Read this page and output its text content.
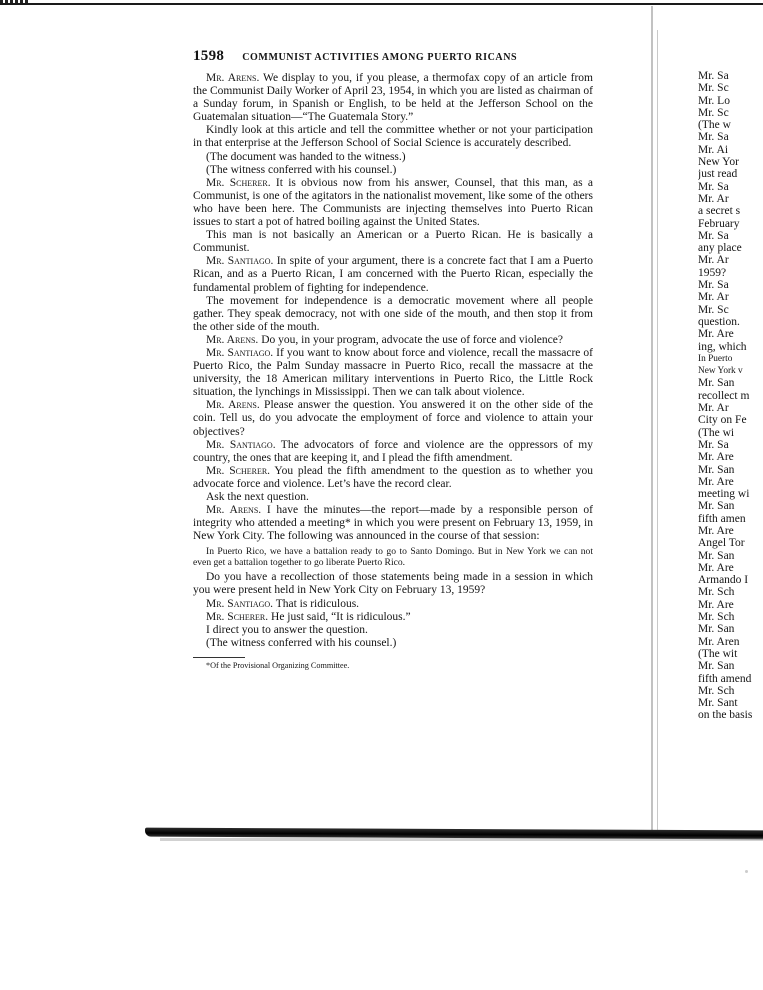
1598 COMMUNIST ACTIVITIES AMONG PUERTO RICANS

Mr. Arens. We display to you, if you please, a thermofax copy of an article from the Communist Daily Worker of April 23, 1954, in which you are listed as chairman of a Sunday forum, in Spanish or English, to be held at the Jefferson School on the Guatemalan situation—“The Guatemala Story.”

Kindly look at this article and tell the committee whether or not your participation in that enterprise at the Jefferson School of Social Science is accurately described.

(The document was handed to the witness.)

(The witness conferred with his counsel.)

Mr. Scherer. It is obvious now from his answer, Counsel, that this man, as a Communist, is one of the agitators in the nationalist movement, like some of the others who have been here. The Communists are injecting themselves into Puerto Rican issues to start a pot of hatred boiling against the United States.

This man is not basically an American or a Puerto Rican. He is basically a Communist.

Mr. Santiago. In spite of your argument, there is a concrete fact that I am a Puerto Rican, and as a Puerto Rican, I am concerned with the Puerto Rican, especially the fundamental problem of fighting for independence.

The movement for independence is a democratic movement where all people gather. They speak democracy, not with one side of the mouth, and then stop it from the other side of the mouth.

Mr. Arens. Do you, in your program, advocate the use of force and violence?

Mr. Santiago. If you want to know about force and violence, recall the massacre of Puerto Rico, the Palm Sunday massacre in Puerto Rico, recall the massacre at the university, the 18 American military interventions in Puerto Rico, the Little Rock situation, the lynchings in Mississippi. Then we can talk about violence.

Mr. Arens. Please answer the question. You answered it on the other side of the coin. Tell us, do you advocate the employment of force and violence to attain your objectives?

Mr. Santiago. The advocators of force and violence are the oppressors of my country, the ones that are keeping it, and I plead the fifth amendment.

Mr. Scherer. You plead the fifth amendment to the question as to whether you advocate force and violence. Let’s have the record clear.

Ask the next question.

Mr. Arens. I have the minutes—the report—made by a responsible person of integrity who attended a meeting* in which you were present on February 13, 1959, in New York City. The following was announced in the course of that session:

In Puerto Rico, we have a battalion ready to go to Santo Domingo. But in New York we can not even get a battalion together to go liberate Puerto Rico.

Do you have a recollection of those statements being made in a session in which you were present held in New York City on February 13, 1959?

Mr. Santiago. That is ridiculous.

Mr. Scherer. He just said, “It is ridiculous.”

I direct you to answer the question.

(The witness conferred with his counsel.)

*Of the Provisional Organizing Committee.

Mr. Sa
Mr. Sc
Mr. Lo
Mr. Sc
(The w
Mr. Sa
Mr. Ai
New Yor
just read
Mr. Sa
Mr. Ar
a secret s
February
Mr. Sa
any place
Mr. Ar
1959?
Mr. Sa
Mr. Ar
Mr. Sc
question.
Mr. Are
ing, which
In Puerto
New York v
Mr. San
recollect m
Mr. Ar
City on Fe
(The wi
Mr. Sa
Mr. Are
Mr. San
Mr. Are
meeting wi
Mr. San
fifth amen
Mr. Are
Angel Tor
Mr. San
Mr. Are
Armando I
Mr. Sch
Mr. Are
Mr. Sch
Mr. San
Mr. Aren
(The wit
Mr. San
fifth amend
Mr. Sch
Mr. Sant
on the basis
